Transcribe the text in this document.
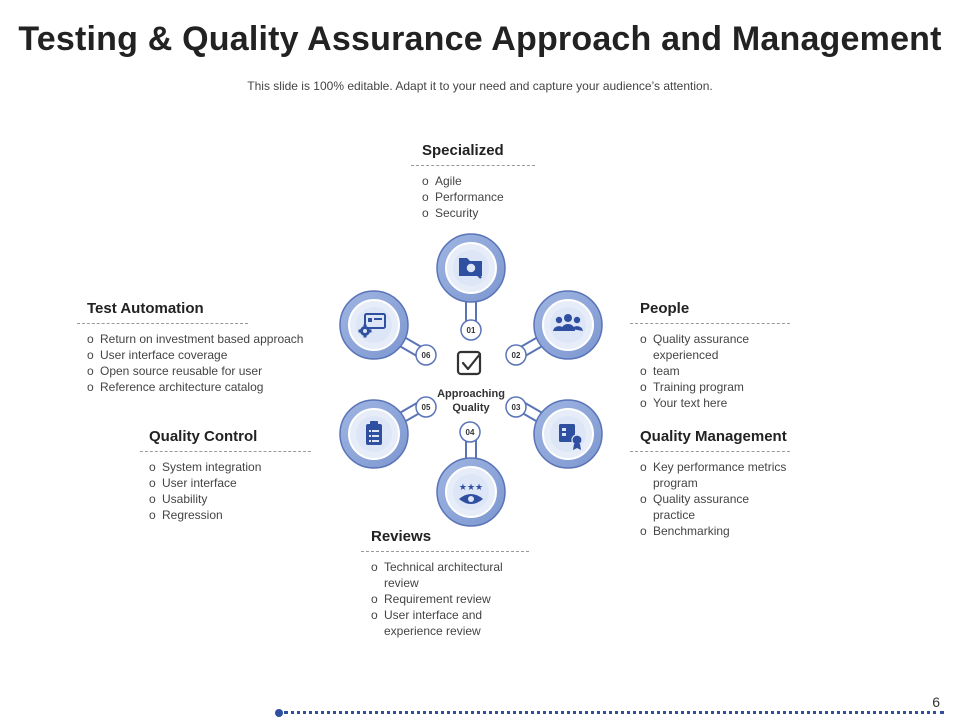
Testing & Quality Assurance Approach and Management
This slide is 100% editable. Adapt it to your need and capture your audience’s attention.
★★★
01
02
03
04
05
06
Approaching
Quality
Specialized
o Agile
o Performance
o Security
People
o Quality assurance experienced
o team
o Training program
o Your text here
Quality Management
o Key performance metrics program
o Quality assurance practice
o Benchmarking
Reviews
o Technical architectural review
o Requirement review
o User interface and experience review
Quality Control
o System integration
o User interface
o Usability
o Regression
Test Automation
o Return on investment based approach
o User interface coverage
o Open source reusable for user
o Reference architecture catalog
6
